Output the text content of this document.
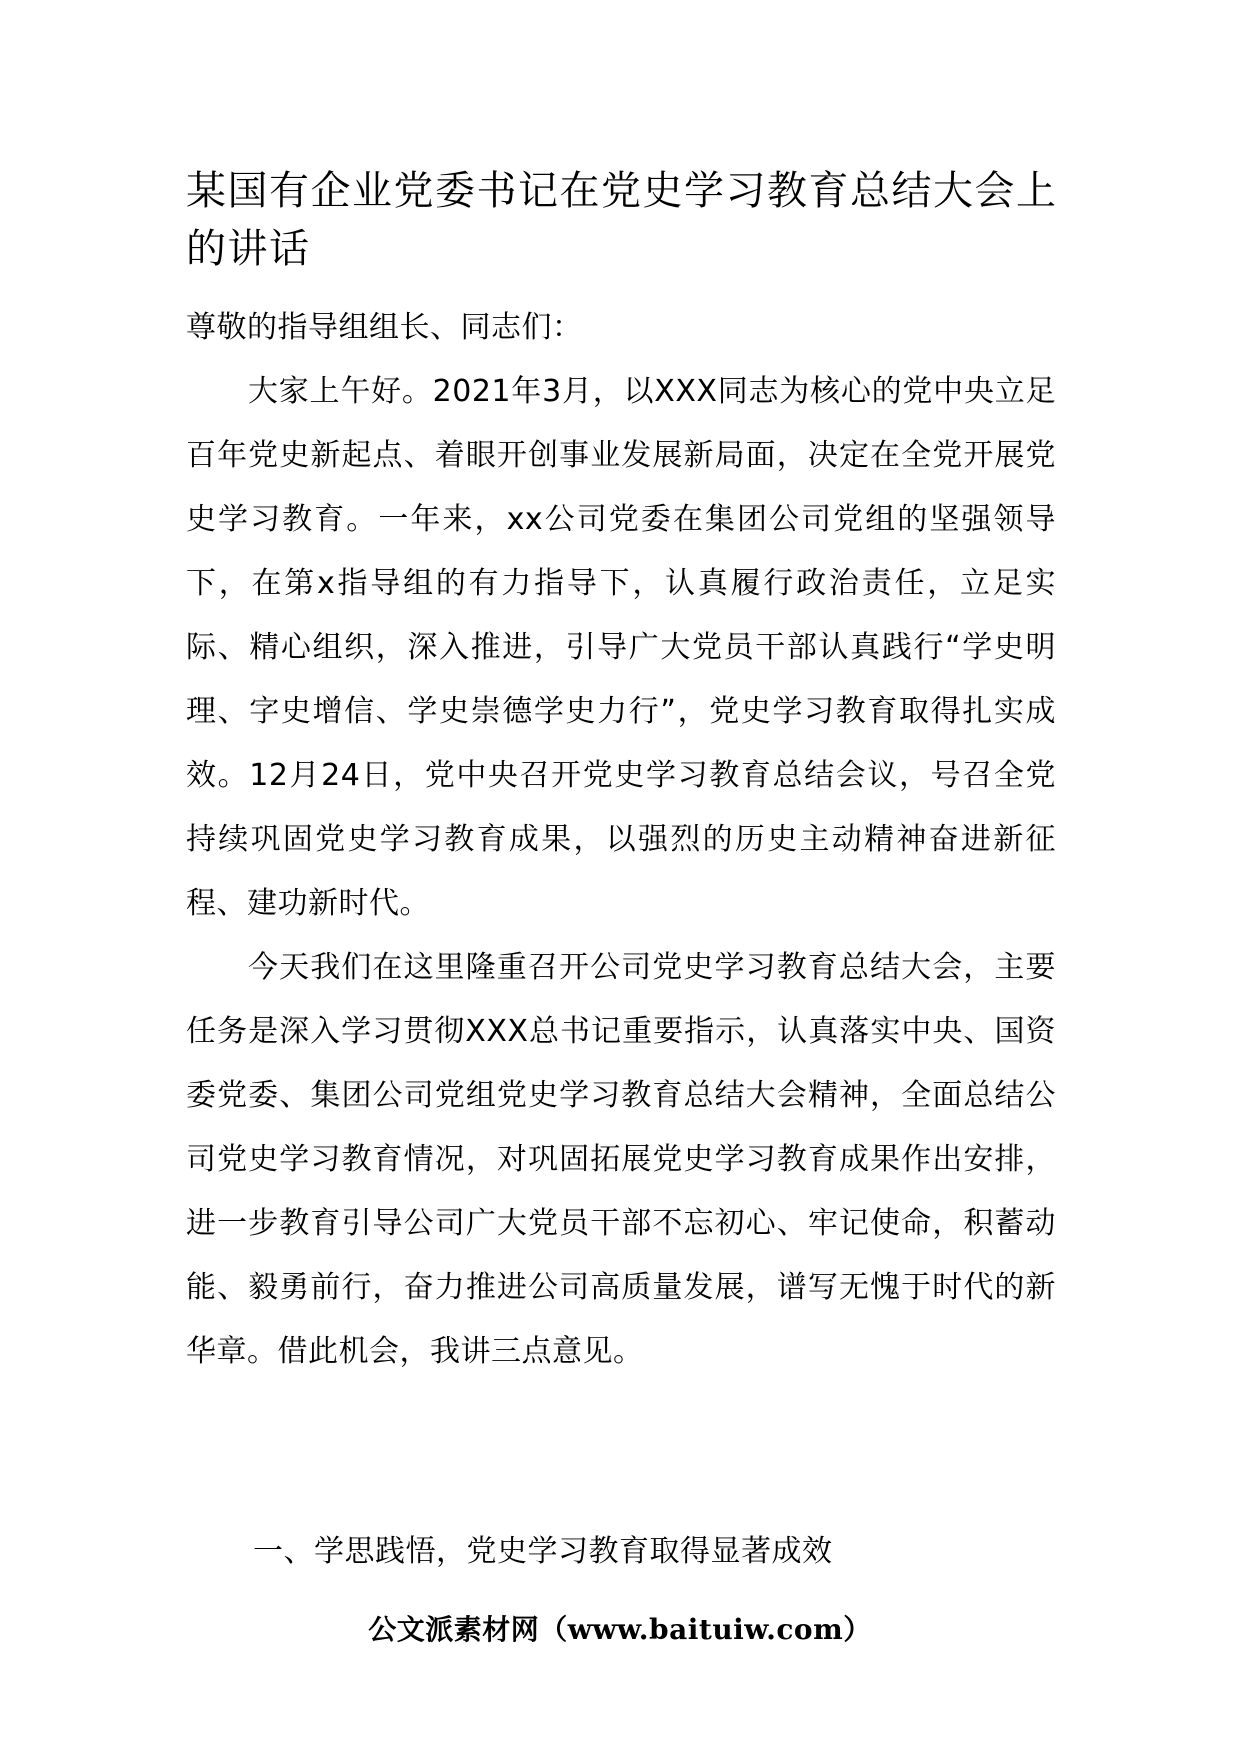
某国有企业党委书记在党史学习教育总结大会上的讲话

尊敬的指导组组长、同志们：

大家上午好。2021年3月，以XXX同志为核心的党中央立足百年党史新起点、着眼开创事业发展新局面，决定在全党开展党史学习教育。一年来，xx公司党委在集团公司党组的坚强领导下，在第x指导组的有力指导下，认真履行政治责任，立足实际、精心组织，深入推进，引导广大党员干部认真践行“学史明理、字史增信、学史崇德学史力行”，党史学习教育取得扎实成效。12月24日，党中央召开党史学习教育总结会议，号召全党持续巩固党史学习教育成果，以强烈的历史主动精神奋进新征程、建功新时代。

今天我们在这里隆重召开公司党史学习教育总结大会，主要任务是深入学习贯彻XXX总书记重要指示，认真落实中央、国资委党委、集团公司党组党史学习教育总结大会精神，全面总结公司党史学习教育情况，对巩固拓展党史学习教育成果作出安排，进一步教育引导公司广大党员干部不忘初心、牢记使命，积蓄动能、毅勇前行，奋力推进公司高质量发展，谱写无愧于时代的新华章。借此机会，我讲三点意见。

一、学思践悟，党史学习教育取得显著成效

公文派素材网（www.baituiw.com）
